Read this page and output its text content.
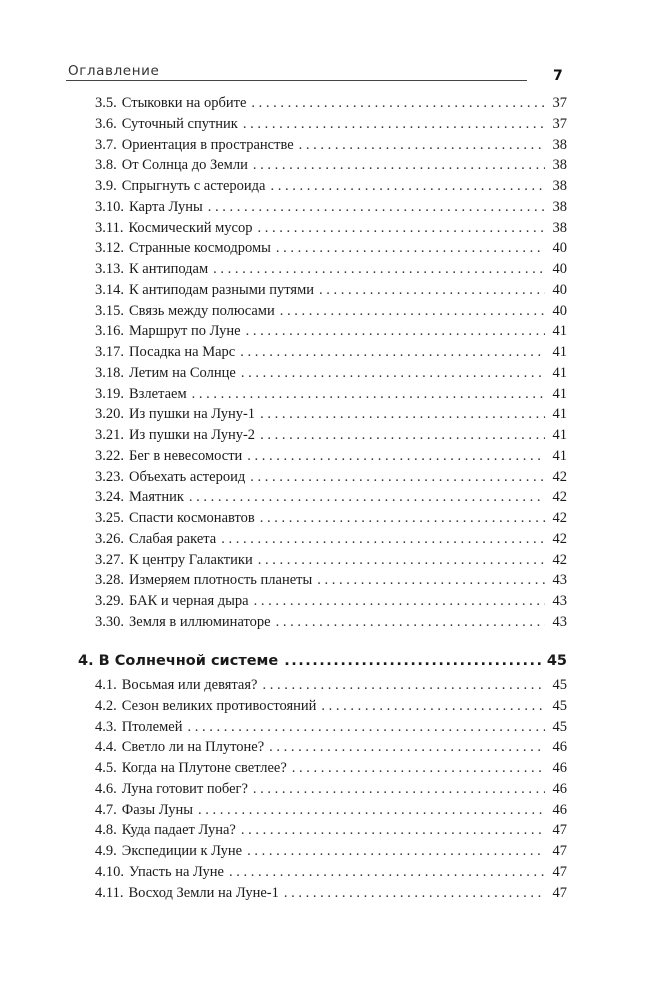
Оглавление	7
3.5. Стыковки на орбите . . .	37
3.6. Суточный спутник . . .	37
3.7. Ориентация в пространстве . . .	38
3.8. От Солнца до Земли . . .	38
3.9. Спрыгнуть с астероида . . .	38
3.10. Карта Луны . . .	38
3.11. Космический мусор . . .	38
3.12. Странные космодромы . . .	40
3.13. К антиподам . . .	40
3.14. К антиподам разными путями . . .	40
3.15. Связь между полюсами . . .	40
3.16. Маршрут по Луне . . .	41
3.17. Посадка на Марс . . .	41
3.18. Летим на Солнце . . .	41
3.19. Взлетаем . . .	41
3.20. Из пушки на Луну-1 . . .	41
3.21. Из пушки на Луну-2 . . .	41
3.22. Бег в невесомости . . .	41
3.23. Объехать астероид . . .	42
3.24. Маятник . . .	42
3.25. Спасти космонавтов . . .	42
3.26. Слабая ракета . . .	42
3.27. К центру Галактики . . .	42
3.28. Измеряем плотность планеты . . .	43
3.29. БАК и черная дыра . . .	43
3.30. Земля в иллюминаторе . . .	43
4. В Солнечной системе .....	45
4.1. Восьмая или девятая? . . .	45
4.2. Сезон великих противостояний . . .	45
4.3. Птолемей . . .	45
4.4. Светло ли на Плутоне? . . .	46
4.5. Когда на Плутоне светлее? . . .	46
4.6. Луна готовит побег? . . .	46
4.7. Фазы Луны . . .	46
4.8. Куда падает Луна? . . .	47
4.9. Экспедиции к Луне . . .	47
4.10. Упасть на Луне . . .	47
4.11. Восход Земли на Луне-1 . . .	47
